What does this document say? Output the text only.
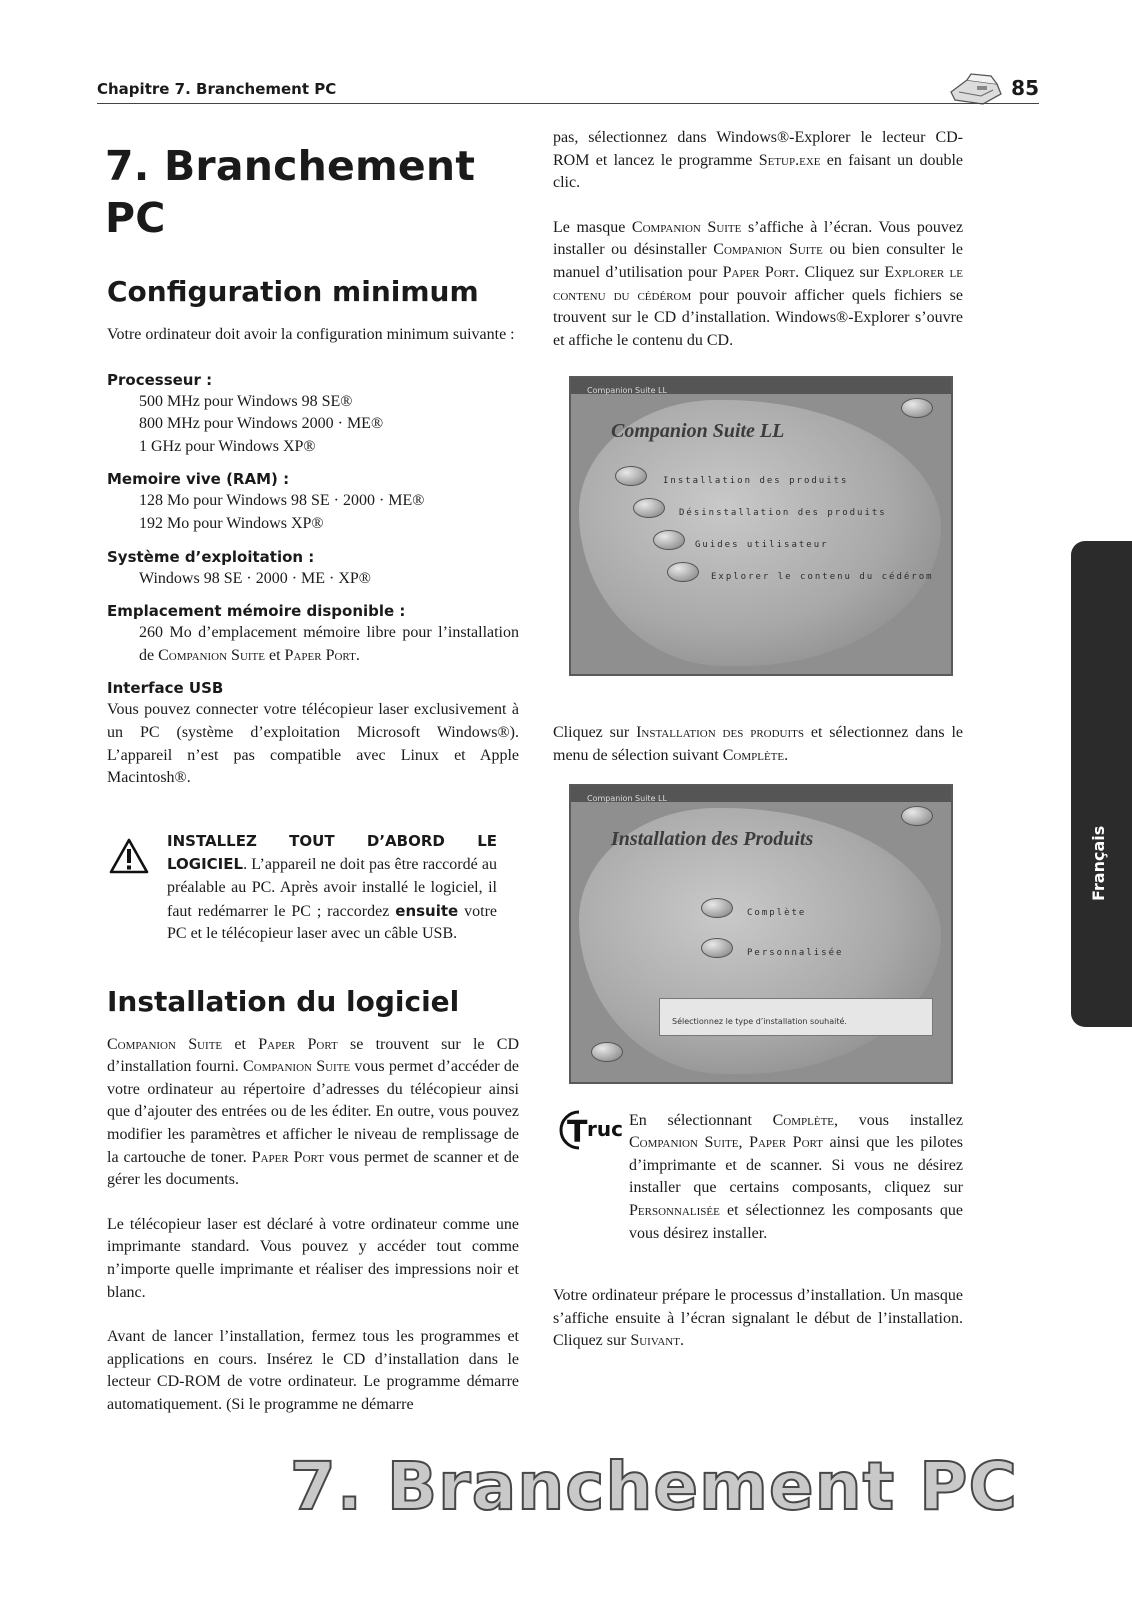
Chapitre 7. Branchement PC	85
7. Branchement PC
Configuration minimum

Votre ordinateur doit avoir la configuration minimum suivante :

Processeur :
500 MHz pour Windows 98 SE®
800 MHz pour Windows 2000 · ME®
1 GHz pour Windows XP®
Memoire vive (RAM) :
128 Mo pour Windows 98 SE · 2000 · ME®
192 Mo pour Windows XP®
Système d’exploitation :
Windows 98 SE · 2000 · ME · XP®
Emplacement mémoire disponible :

260 Mo d’emplacement mémoire libre pour l’installation de Companion Suite et Paper Port.

Interface USB

Vous pouvez connecter votre télécopieur laser exclusivement à un PC (système d’exploitation Microsoft Windows®). L’appareil n’est pas compatible avec Linux et Apple Macintosh®.

INSTALLEZ TOUT D’ABORD LE LOGICIEL. L’appareil ne doit pas être raccordé au préalable au PC. Après avoir installé le logiciel, il faut redémarrer le PC ; raccordez ensuite votre PC et le télécopieur laser avec un câble USB.

Installation du logiciel

Companion Suite et Paper Port se trouvent sur le CD d’installation fourni. Companion Suite vous permet d’accéder de votre ordinateur au répertoire d’adresses du télécopieur ainsi que d’ajouter des entrées ou de les éditer. En outre, vous pouvez modifier les paramètres et afficher le niveau de remplissage de la cartouche de toner. Paper Port vous permet de scanner et de gérer les documents.

Le télécopieur laser est déclaré à votre ordinateur comme une imprimante standard. Vous pouvez y accéder tout comme n’importe quelle imprimante et réaliser des impressions noir et blanc.

Avant de lancer l’installation, fermez tous les programmes et applications en cours. Insérez le CD d’installation dans le lecteur CD-ROM de votre ordinateur. Le programme démarre automatiquement. (Si le programme ne démarre

pas, sélectionnez dans Windows®-Explorer le lecteur CD-ROM et lancez le programme Setup.exe en faisant un double clic.

Le masque Companion Suite s’affiche à l’écran. Vous pouvez installer ou désinstaller Companion Suite ou bien consulter le manuel d’utilisation pour Paper Port. Cliquez sur Explorer le contenu du cédérom pour pouvoir afficher quels fichiers se trouvent sur le CD d’installation. Windows®-Explorer s’ouvre et affiche le contenu du CD.

Companion Suite LL
Companion Suite LL
Installation des produits
Désinstallation des produits
Guides utilisateur
Explorer le contenu du cédérom

Cliquez sur Installation des produits et sélectionnez dans le menu de sélection suivant Complète.

Companion Suite LL
Installation des Produits
Complète
Personnalisée
Sélectionnez le type d’installation souhaité.
T ruc En sélectionnant Complète, vous installez Companion Suite, Paper Port ainsi que les pilotes d’imprimante et de scanner. Si vous ne désirez installer que certains composants, cliquez sur Personnalisée et sélectionnez les composants que vous désirez installer.

Votre ordinateur prépare le processus d’installation. Un masque s’affiche ensuite à l’écran signalant le début de l’installation. Cliquez sur Suivant.

Français
7. Branchement PC
